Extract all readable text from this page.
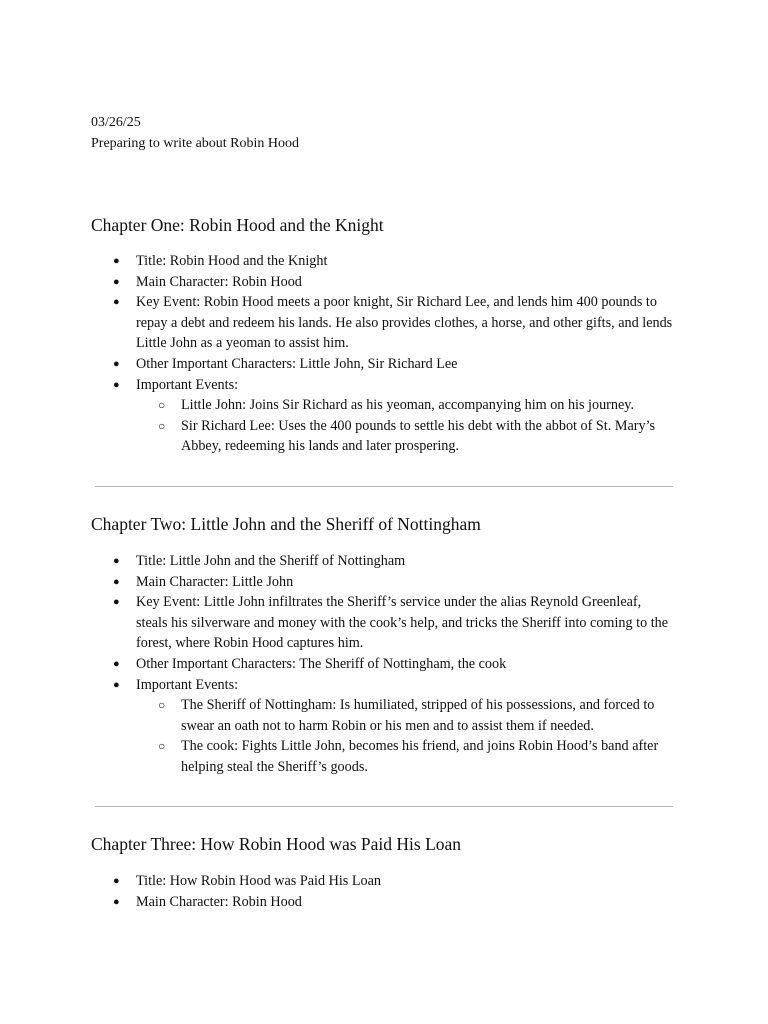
03/26/25
Preparing to write about Robin Hood
Chapter One: Robin Hood and the Knight
● Title: Robin Hood and the Knight
● Main Character: Robin Hood
● Key Event: Robin Hood meets a poor knight, Sir Richard Lee, and lends him 400 pounds to repay a debt and redeem his lands. He also provides clothes, a horse, and other gifts, and lends Little John as a yeoman to assist him.
● Other Important Characters: Little John, Sir Richard Lee
● Important Events:
○ Little John: Joins Sir Richard as his yeoman, accompanying him on his journey.
○ Sir Richard Lee: Uses the 400 pounds to settle his debt with the abbot of St. Mary’s Abbey, redeeming his lands and later prospering.
Chapter Two: Little John and the Sheriff of Nottingham
● Title: Little John and the Sheriff of Nottingham
● Main Character: Little John
● Key Event: Little John infiltrates the Sheriff’s service under the alias Reynold Greenleaf, steals his silverware and money with the cook’s help, and tricks the Sheriff into coming to the forest, where Robin Hood captures him.
● Other Important Characters: The Sheriff of Nottingham, the cook
● Important Events:
○ The Sheriff of Nottingham: Is humiliated, stripped of his possessions, and forced to swear an oath not to harm Robin or his men and to assist them if needed.
○ The cook: Fights Little John, becomes his friend, and joins Robin Hood’s band after helping steal the Sheriff’s goods.
Chapter Three: How Robin Hood was Paid His Loan
● Title: How Robin Hood was Paid His Loan
● Main Character: Robin Hood
